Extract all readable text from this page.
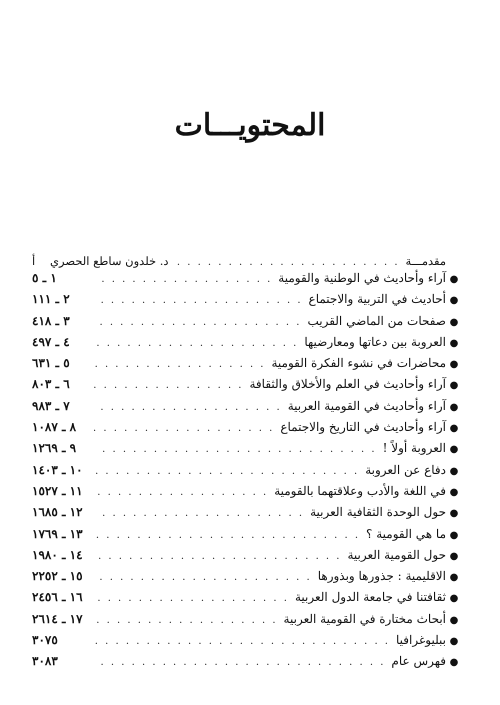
المحتويـــات
مقدمـــة
. . .
د. خلدون ساطع الحصري
أ
●
آراء وأحاديث في الوطنية والقومية
. . .
١ ـ ٥
●
أحاديث في التربية والاجتماع
. . .
٢ ـ ١١١
●
صفحات من الماضي القريب
. . .
٣ ـ ٤١٨
●
العروبة بين دعاتها ومعارضيها
. . .
٤ ـ ٤٩٧
●
محاضرات في نشوء الفكرة القومية
. . .
٥ ـ ٦٣١
●
آراء وأحاديث في العلم والأخلاق والثقافة
. . .
٦ ـ ٨٠٣
●
آراء وأحاديث في القومية العربية
. . .
٧ ـ ٩٨٣
●
آراء وأحاديث في التاريخ والاجتماع
. . .
٨ ـ ١٠٨٧
●
العروبة أولاً !
. . .
٩ ـ ١٢٦٩
●
دفاع عن العروبة
. . .
١٠ ـ ١٤٠٣
●
في اللغة والأدب وعلاقتهما بالقومية
. . .
١١ ـ ١٥٢٧
●
حول الوحدة الثقافية العربية
. . .
١٢ ـ ١٦٨٥
●
ما هي القومية ؟
. . .
١٣ ـ ١٧٦٩
●
حول القومية العربية
. . .
١٤ ـ ١٩٨٠
●
الاقليمية : جذورها وبذورها
. . .
١٥ ـ ٢٢٥٢
●
ثقافتنا في جامعة الدول العربية
. . .
١٦ ـ ٢٤٥٦
●
أبحاث مختارة في القومية العربية
. . .
١٧ ـ ٢٦١٤
●
ببليوغرافيا
. . .
٣٠٧٥
●
فهرس عام
. . .
٣٠٨٣
